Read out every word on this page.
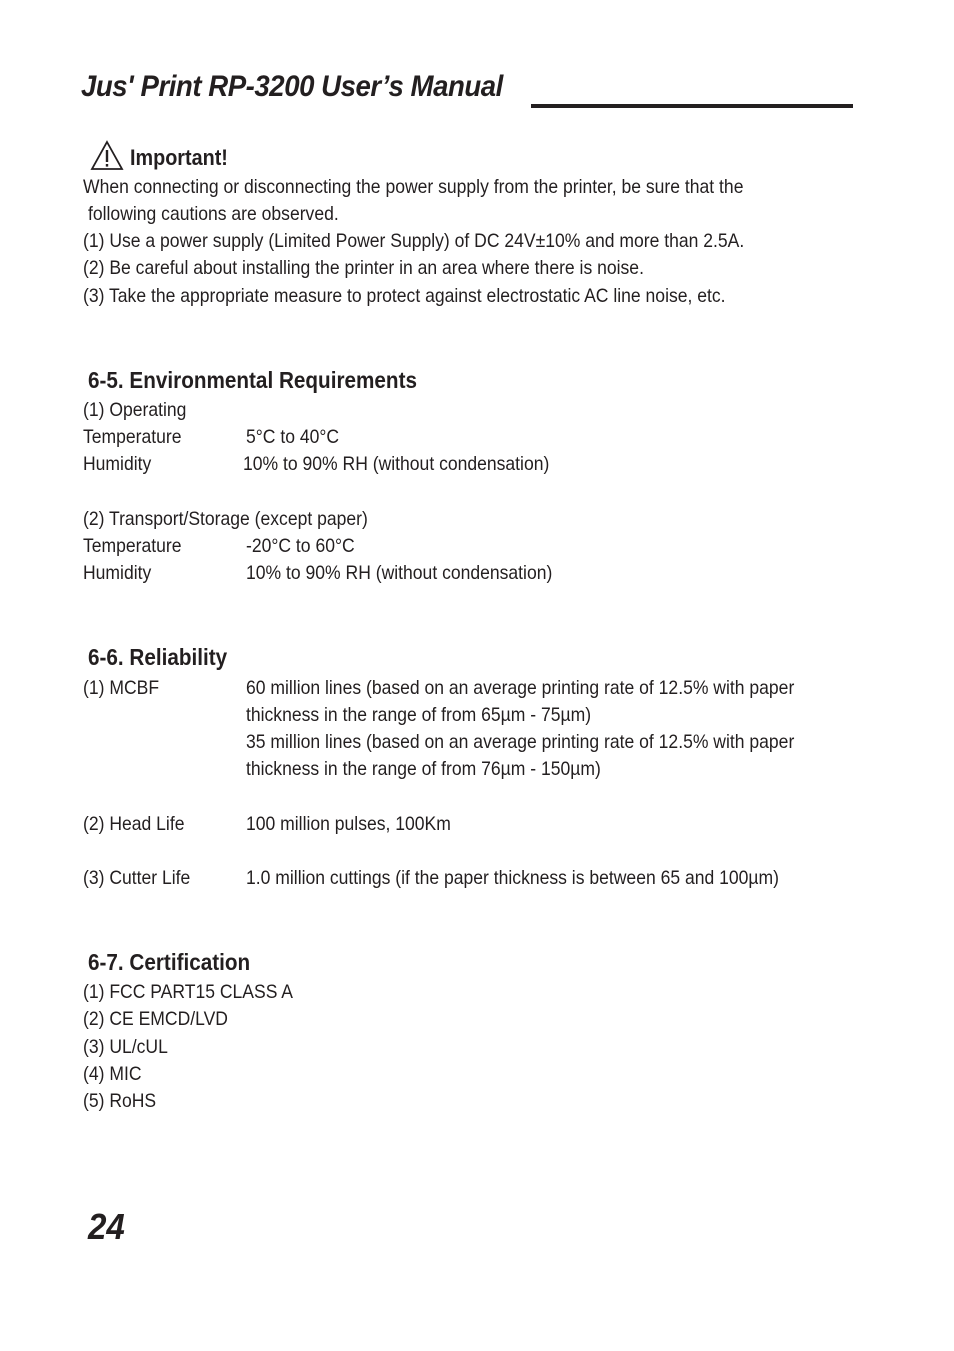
Jus' Print RP-3200 User’s Manual
Important!
When connecting or disconnecting the power supply from the printer, be sure that the
following cautions are observed.
(1) Use a power supply (Limited Power Supply) of DC 24V±10% and more than 2.5A.
(2) Be careful about installing the printer in an area where there is noise.
(3) Take the appropriate measure to protect against electrostatic AC line noise, etc.
6-5. Environmental Requirements
(1) Operating
Temperature	5°C to 40°C
Humidity	10% to 90% RH (without condensation)
(2) Transport/Storage (except paper)
Temperature	-20°C to 60°C
Humidity	10% to 90% RH (without condensation)
6-6. Reliability
(1) MCBF	60 million lines (based on an average printing rate of 12.5% with paper
thickness in the range of from 65µm - 75µm)
35 million lines (based on an average printing rate of 12.5% with paper
thickness in the range of from 76µm - 150µm)
(2) Head Life	100 million pulses, 100Km
(3) Cutter Life	1.0 million cuttings (if the paper thickness is between 65 and 100µm)
6-7. Certification
(1) FCC PART15 CLASS A
(2) CE EMCD/LVD
(3) UL/cUL
(4) MIC
(5) RoHS
24
